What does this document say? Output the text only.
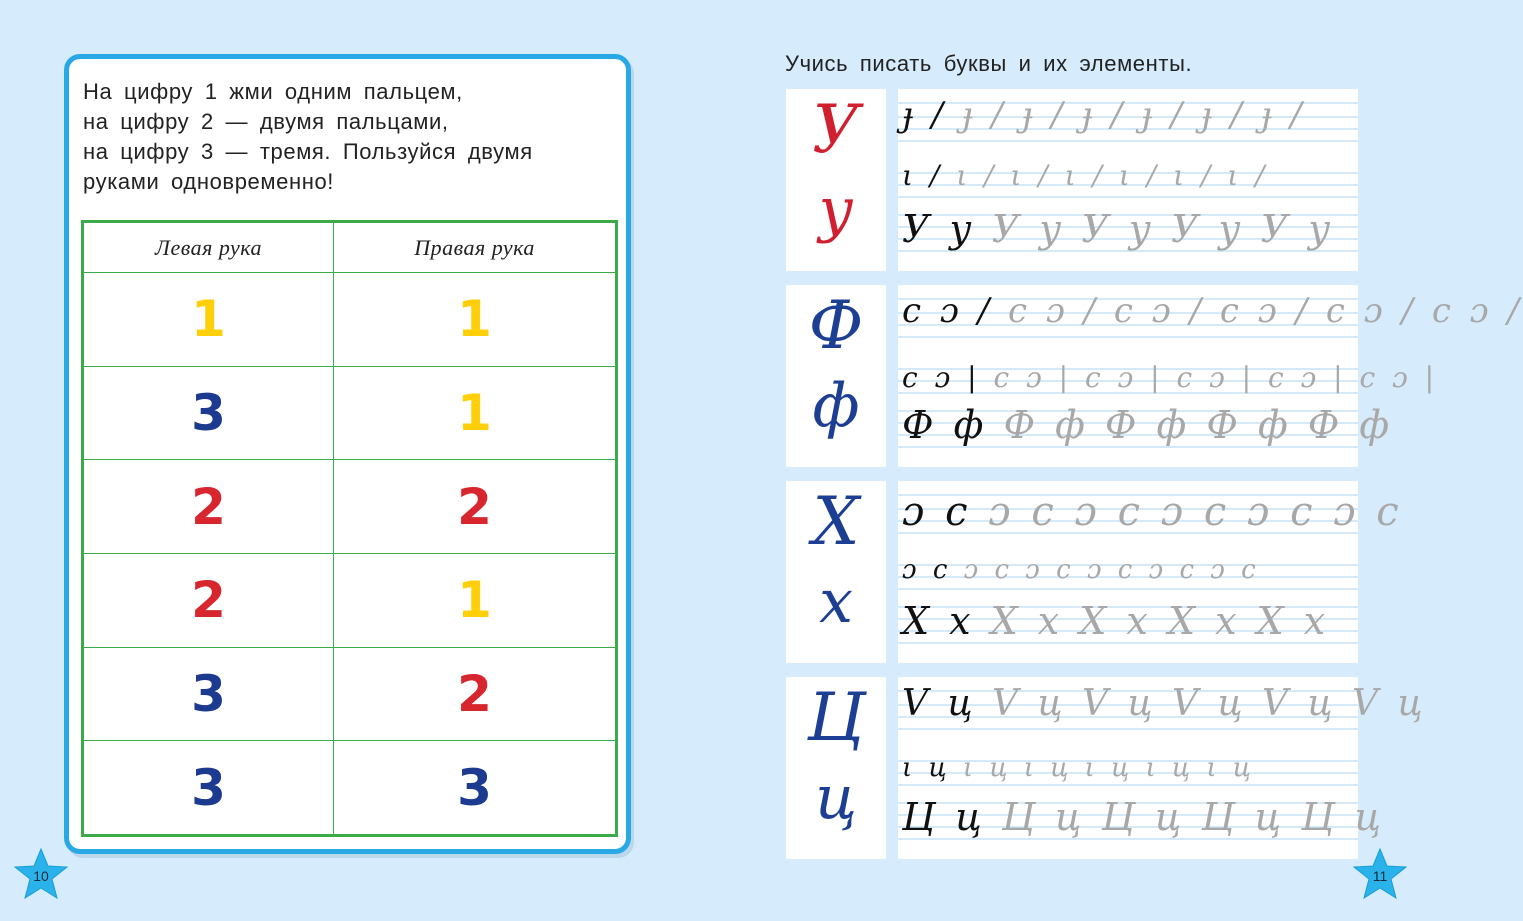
На цифру 1 жми одним пальцем,
на цифру 2 — двумя пальцами,
на цифру 3 — тремя. Пользуйся двумя
руками одновременно!
Левая рука	Правая рука
1	1
3	1
2	2
2	1
3	2
3	3
10
Учись писать буквы и их элементы.
У
у
ɟ / ɟ / ɟ / ɟ / ɟ / ɟ / ɟ /
ι / ι / ι / ι / ι / ι / ι /
У у У у У у У у У у
Ф
ф
c ɔ / c ɔ / c ɔ / c ɔ / c ɔ / c ɔ /
c ɔ | c ɔ | c ɔ | c ɔ | c ɔ | c ɔ |
Ф ф Ф ф Ф ф Ф ф Ф ф
Х
х
ɔ c ɔ c ɔ c ɔ c ɔ c ɔ c
ɔ c ɔ c ɔ c ɔ c ɔ c ɔ c
Х х Х х Х х Х х Х х
Ц
ц
V ц V ц V ц V ц V ц V ц
ι ц ι ц ι ц ι ц ι ц ι ц
Ц ц Ц ц Ц ц Ц ц Ц ц
11
